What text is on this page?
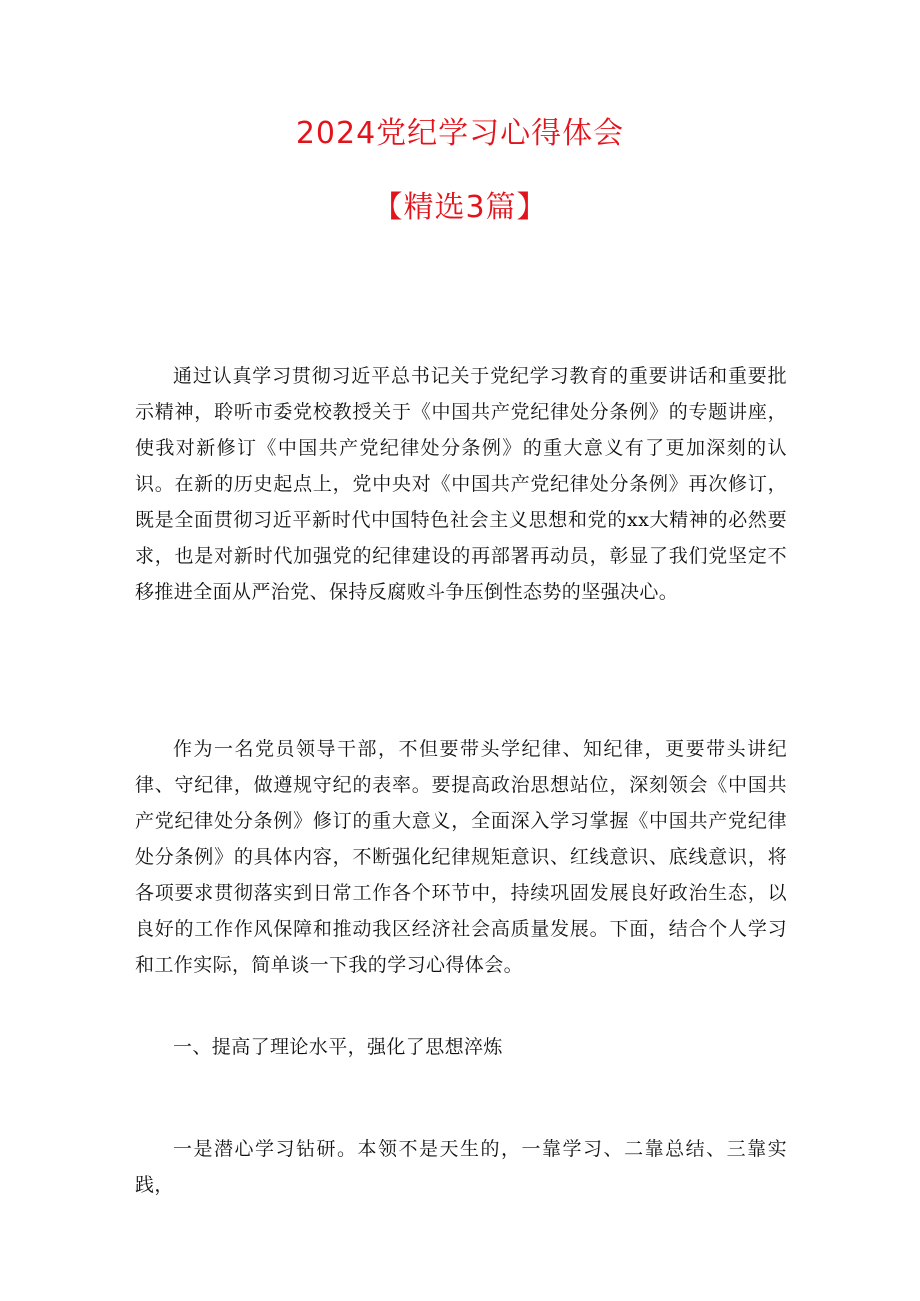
2024党纪学习心得体会
【精选3篇】

通过认真学习贯彻习近平总书记关于党纪学习教育的重要讲话和重要批示精神，聆听市委党校教授关于《中国共产党纪律处分条例》的专题讲座，使我对新修订《中国共产党纪律处分条例》的重大意义有了更加深刻的认识。在新的历史起点上，党中央对《中国共产党纪律处分条例》再次修订，既是全面贯彻习近平新时代中国特色社会主义思想和党的xx大精神的必然要求，也是对新时代加强党的纪律建设的再部署再动员，彰显了我们党坚定不移推进全面从严治党、保持反腐败斗争压倒性态势的坚强决心。

作为一名党员领导干部，不但要带头学纪律、知纪律，更要带头讲纪律、守纪律，做遵规守纪的表率。要提高政治思想站位，深刻领会《中国共产党纪律处分条例》修订的重大意义，全面深入学习掌握《中国共产党纪律处分条例》的具体内容，不断强化纪律规矩意识、红线意识、底线意识，将各项要求贯彻落实到日常工作各个环节中，持续巩固发展良好政治生态，以良好的工作作风保障和推动我区经济社会高质量发展。下面，结合个人学习和工作实际，简单谈一下我的学习心得体会。

一、提高了理论水平，强化了思想淬炼

一是潜心学习钻研。本领不是天生的，一靠学习、二靠总结、三靠实践，
